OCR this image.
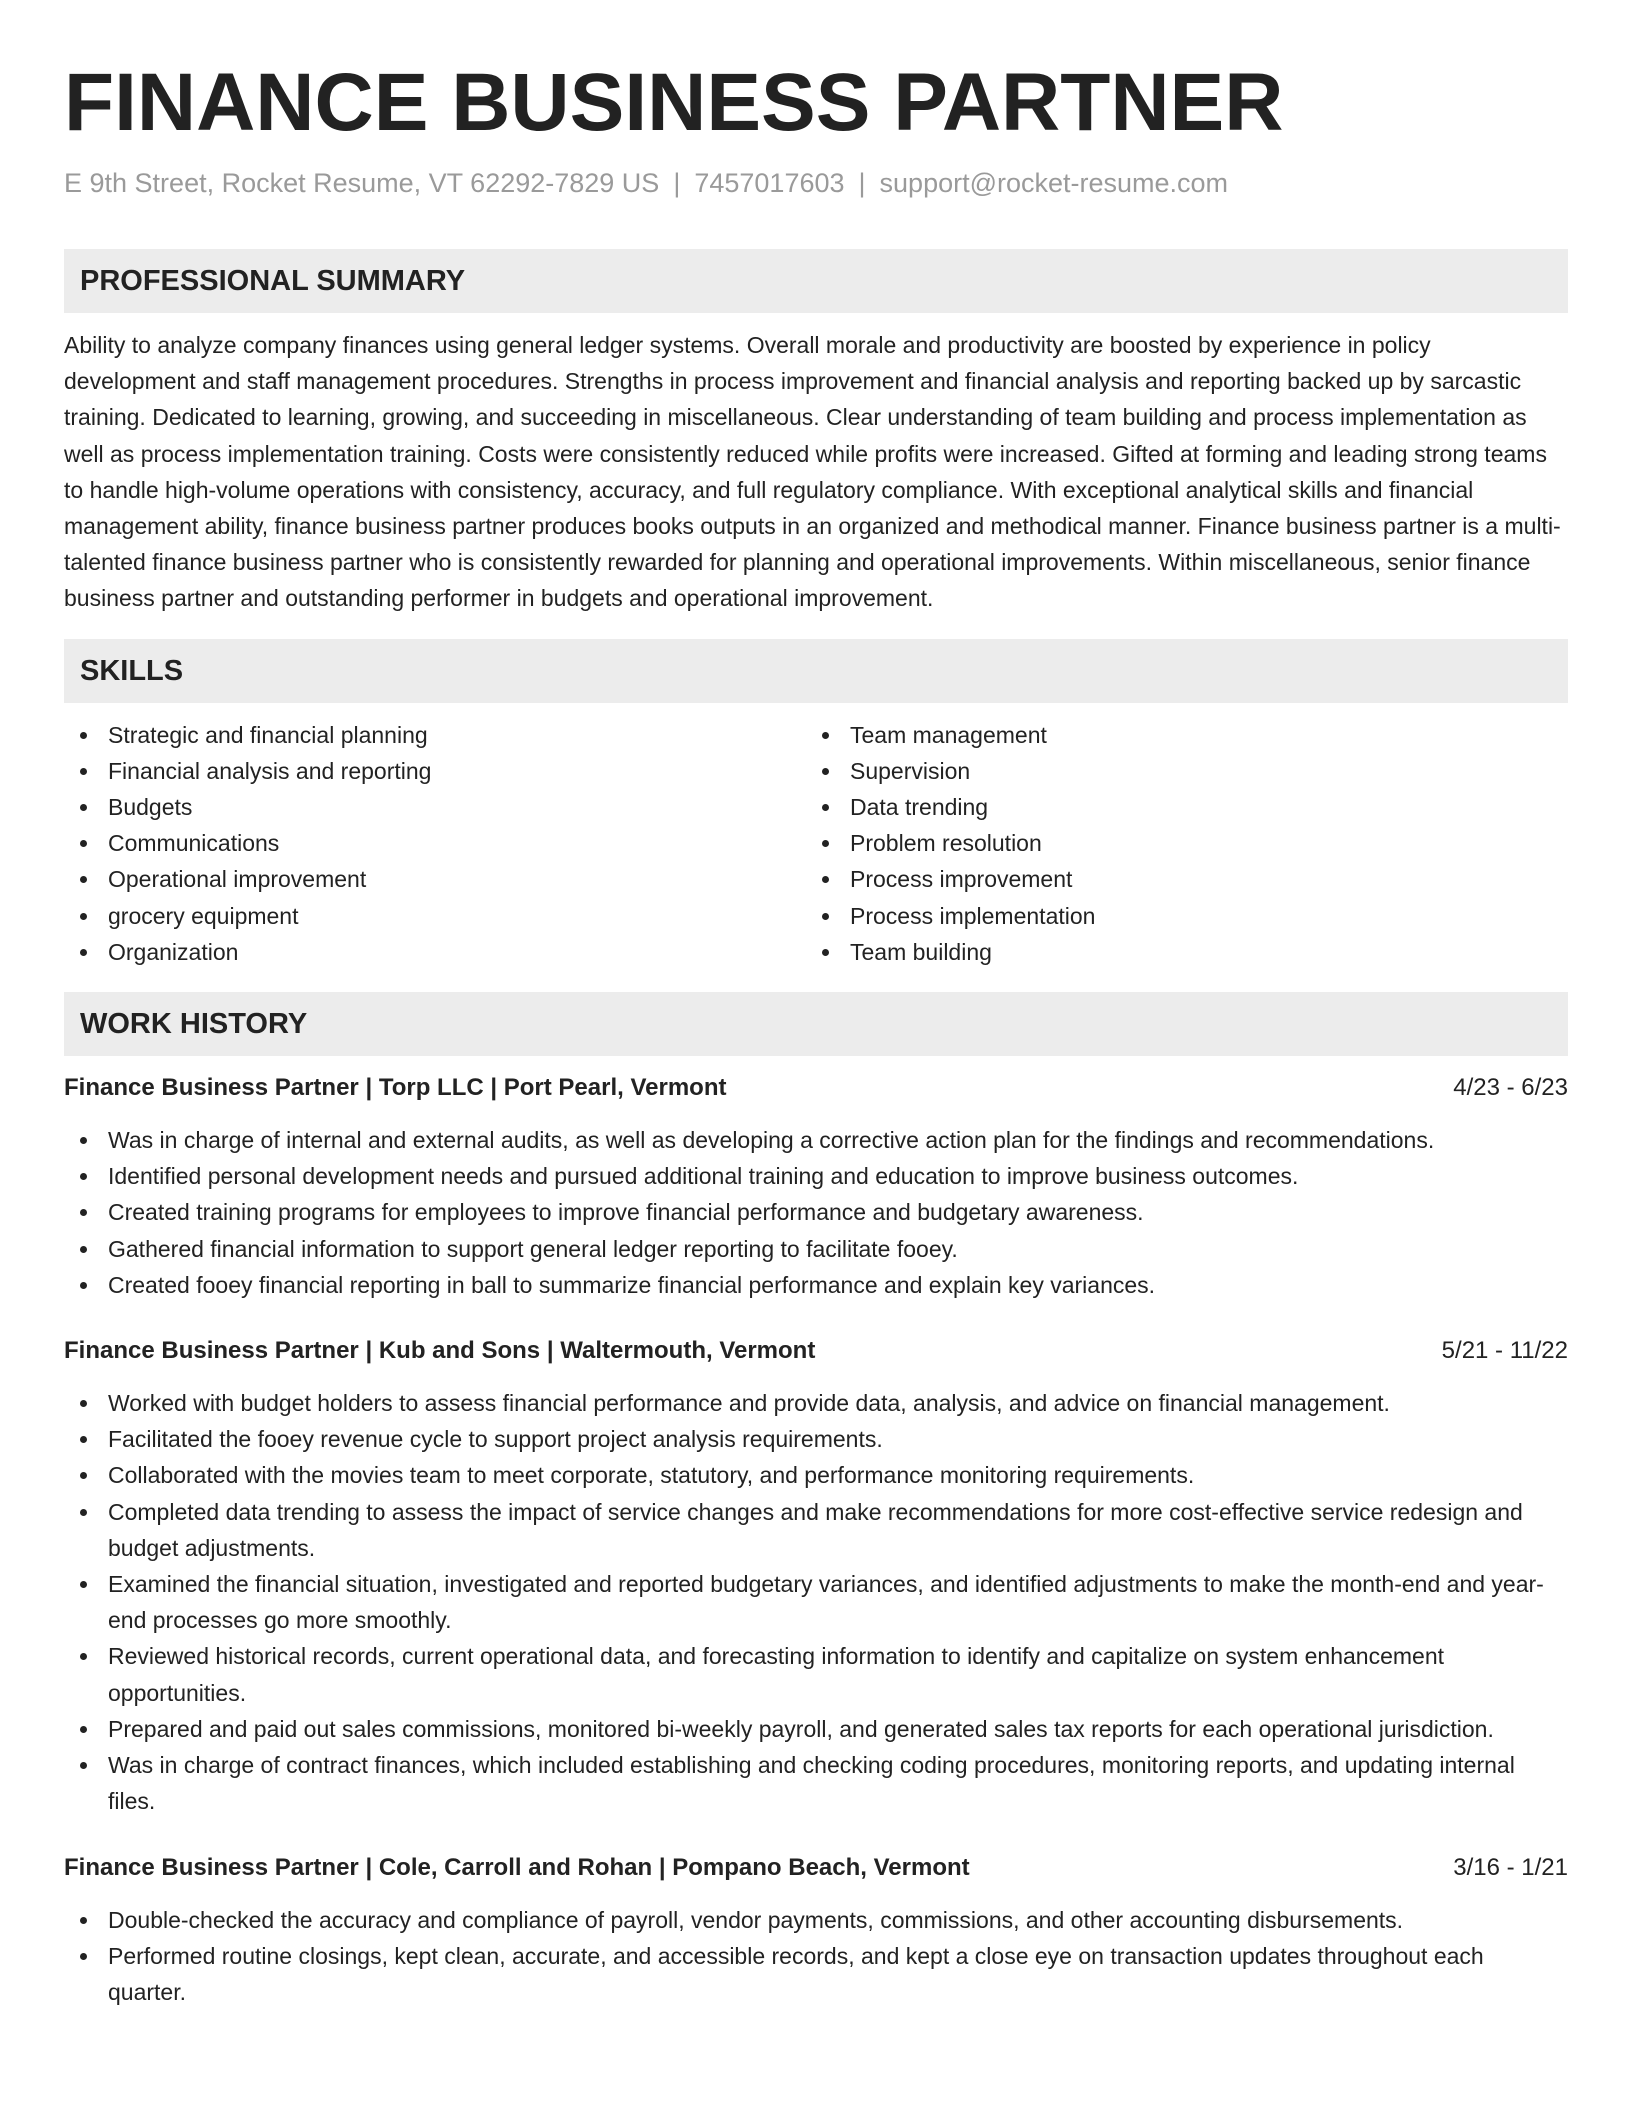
FINANCE BUSINESS PARTNER
E 9th Street, Rocket Resume, VT 62292-7829 US | 7457017603 | support@rocket-resume.com
PROFESSIONAL SUMMARY

Ability to analyze company finances using general ledger systems. Overall morale and productivity are boosted by experience in policy development and staff management procedures. Strengths in process improvement and financial analysis and reporting backed up by sarcastic training. Dedicated to learning, growing, and succeeding in miscellaneous. Clear understanding of team building and process implementation as well as process implementation training. Costs were consistently reduced while profits were increased. Gifted at forming and leading strong teams to handle high-volume operations with consistency, accuracy, and full regulatory compliance. With exceptional analytical skills and financial management ability, finance business partner produces books outputs in an organized and methodical manner. Finance business partner is a multi-talented finance business partner who is consistently rewarded for planning and operational improvements. Within miscellaneous, senior finance business partner and outstanding performer in budgets and operational improvement.

SKILLS
Strategic and financial planning
Financial analysis and reporting
Budgets
Communications
Operational improvement
grocery equipment
Organization
Team management
Supervision
Data trending
Problem resolution
Process improvement
Process implementation
Team building
WORK HISTORY
Finance Business Partner | Torp LLC | Port Pearl, Vermont	4/23 - 6/23
Was in charge of internal and external audits, as well as developing a corrective action plan for the findings and recommendations.
Identified personal development needs and pursued additional training and education to improve business outcomes.
Created training programs for employees to improve financial performance and budgetary awareness.
Gathered financial information to support general ledger reporting to facilitate fooey.
Created fooey financial reporting in ball to summarize financial performance and explain key variances.
Finance Business Partner | Kub and Sons | Waltermouth, Vermont	5/21 - 11/22
Worked with budget holders to assess financial performance and provide data, analysis, and advice on financial management.
Facilitated the fooey revenue cycle to support project analysis requirements.
Collaborated with the movies team to meet corporate, statutory, and performance monitoring requirements.
Completed data trending to assess the impact of service changes and make recommendations for more cost-effective service redesign and budget adjustments.
Examined the financial situation, investigated and reported budgetary variances, and identified adjustments to make the month-end and year-end processes go more smoothly.
Reviewed historical records, current operational data, and forecasting information to identify and capitalize on system enhancement opportunities.
Prepared and paid out sales commissions, monitored bi-weekly payroll, and generated sales tax reports for each operational jurisdiction.
Was in charge of contract finances, which included establishing and checking coding procedures, monitoring reports, and updating internal files.
Finance Business Partner | Cole, Carroll and Rohan | Pompano Beach, Vermont	3/16 - 1/21
Double-checked the accuracy and compliance of payroll, vendor payments, commissions, and other accounting disbursements.
Performed routine closings, kept clean, accurate, and accessible records, and kept a close eye on transaction updates throughout each quarter.
